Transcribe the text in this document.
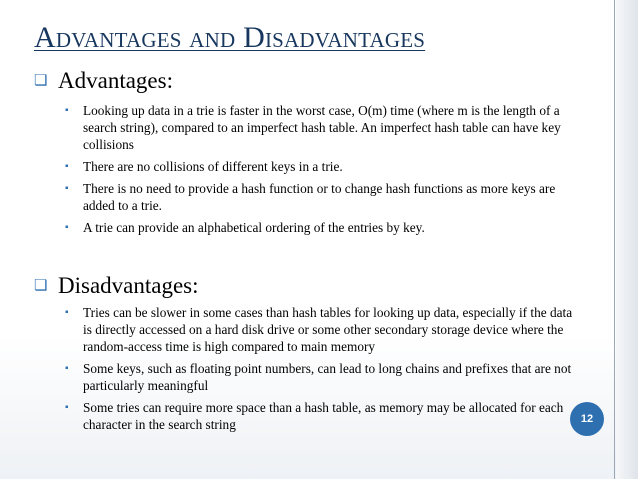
Advantages and Disadvantages
❏ Advantages:
▪ Looking up data in a trie is faster in the worst case, O(m) time (where m is the length of a search string), compared to an imperfect hash table. An imperfect hash table can have key collisions
▪ There are no collisions of different keys in a trie.
▪ There is no need to provide a hash function or to change hash functions as more keys are added to a trie.
▪ A trie can provide an alphabetical ordering of the entries by key.
❏ Disadvantages:
▪ Tries can be slower in some cases than hash tables for looking up data, especially if the data is directly accessed on a hard disk drive or some other secondary storage device where the random-access time is high compared to main memory
▪ Some keys, such as floating point numbers, can lead to long chains and prefixes that are not particularly meaningful
▪ Some tries can require more space than a hash table, as memory may be allocated for each character in the search string	12
